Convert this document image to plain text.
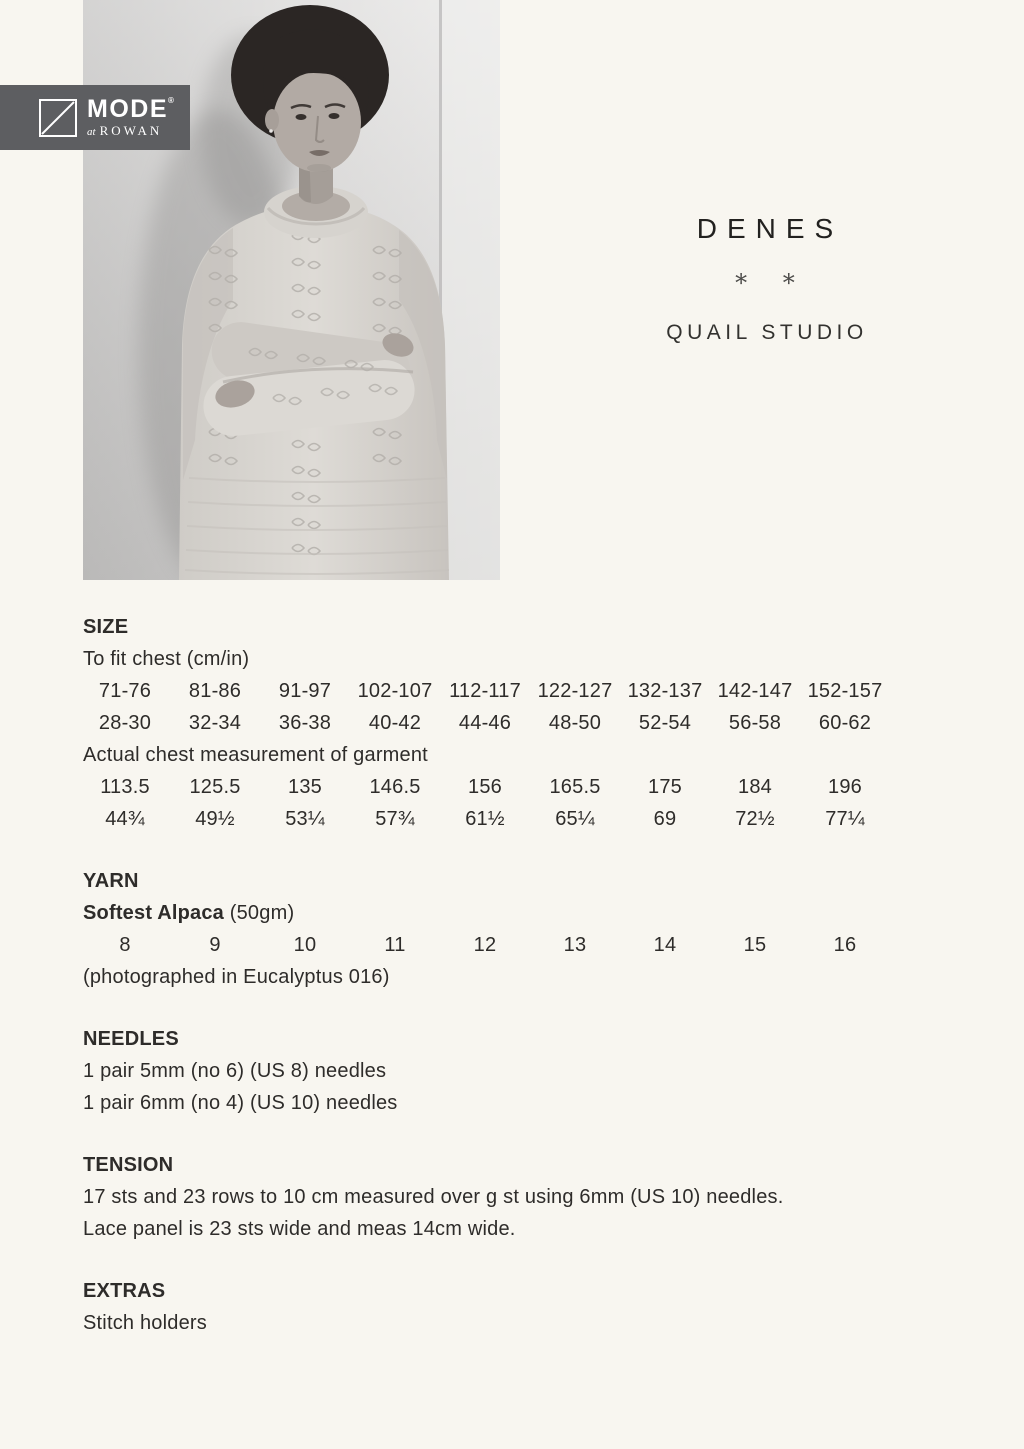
MODE®
at ROWAN
DENES
* *
QUAIL STUDIO

SIZE

To fit chest (cm/in)

71-76	81-86	91-97	102-107 112-117 122-127 132-137 142-147 152-157
28-30	32-34	36-38	40-42	44-46	48-50	52-54	56-58	60-62

Actual chest measurement of garment

113.5	125.5	135	146.5	156	165.5	175	184	196
44¾	49½	53¼	57¾	61½	65¼	69	72½	77¼

YARN

Softest Alpaca (50gm)

8	9	10	11	12	13	14	15	16

(photographed in Eucalyptus 016)

NEEDLES

1 pair 5mm (no 6) (US 8) needles

1 pair 6mm (no 4) (US 10) needles

TENSION

17 sts and 23 rows to 10 cm measured over g st using 6mm (US 10) needles.

Lace panel is 23 sts wide and meas 14cm wide.

EXTRAS

Stitch holders
